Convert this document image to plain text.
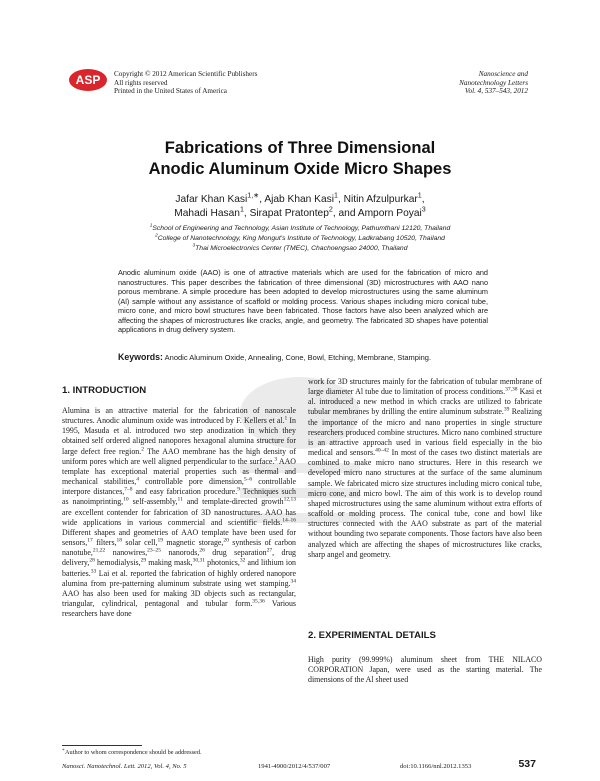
ASP Copyright © 2012 American Scientific Publishers
All rights reserved
Printed in the United States of America
Nanoscience and
Nanotechnology Letters
Vol. 4, 537–543, 2012
Fabrications of Three Dimensional
Anodic Aluminum Oxide Micro Shapes
Jafar Khan Kasi$^{1,∗}$, Ajab Khan Kasi$^1$, Nitin Afzulpurkar$^1$,
Mahadi Hasan$^1$, Sirapat Pratontep$^2$, and Amporn Poyai$^3$
$^1$School of Engineering and Technology, Asian Institute of Technology, Pathumthani 12120, Thailand
$^2$College of Nanotechnology, King Mongut's Institute of Technology, Ladkrabang 10520, Thailand
$^3$Thai Microelectronics Center (TMEC), Chachoengsao 24000, Thailand
Anodic aluminum oxide (AAO) is one of attractive materials which are used for the fabrication of micro and nanostructures. This paper describes the fabrication of three dimensional (3D) microstructures with AAO nano porous membrane. A simple procedure has been adopted to develop microstructures using the same aluminum (Al) sample without any assistance of scaffold or molding process. Various shapes including micro conical tube, micro cone, and micro bowl structures have been fabricated. Those factors have also been analyzed which are affecting the shapes of microstructures like cracks, angle, and geometry. The fabricated 3D shapes have potential applications in drug delivery system.
Keywords: Anodic Aluminum Oxide, Annealing, Cone, Bowl, Etching, Membrane, Stamping.
1. INTRODUCTION

Alumina is an attractive material for the fabrication of nanoscale structures. Anodic aluminum oxide was introduced by F. Kellers et al.$^1$ In 1995, Masuda et al. introduced two step anodization in which they obtained self ordered aligned nanopores hexagonal alumina structure for large defect free region.$^2$ The AAO membrane has the high density of uniform pores which are well aligned perpendicular to the surface.$^3$ AAO template has exceptional material properties such as thermal and mechanical stabilities,$^4$ controllable pore dimension,$^{5-6}$ controllable interpore distances,$^{7-8}$ and easy fabrication procedure.$^9$ Techniques such as nanoimprinting,$^{10}$ self-assembly,$^{11}$ and template-directed growth$^{12,13}$ are excellent contender for fabrication of 3D nanostructures. AAO has wide applications in various commercial and scientific fields.$^{14-16}$ Different shapes and geometries of AAO template have been used for sensors,$^{17}$ filters,$^{18}$ solar cell,$^{19}$ magnetic storage,$^{20}$ synthesis of carbon nanotube,$^{21,22}$ nanowires,$^{23-25}$ nanorods,$^{26}$ drug separation$^{27}$, drug delivery,$^{28}$ hemodialysis,$^{29}$ making mask,$^{30,31}$ photonics,$^{32}$ and lithium ion batteries.$^{33}$ Lai et al. reported the fabrication of highly ordered nanopore alumina from pre-patterning aluminum substrate using wet stamping.$^{34}$ AAO has also been used for making 3D objects such as rectangular, triangular, cylindrical, pentagonal and tubular form.$^{35,36}$ Various researchers have done

work for 3D structures mainly for the fabrication of tubular membrane of large diameter Al tube due to limitation of process conditions.$^{37,38}$ Kasi et al. introduced a new method in which cracks are utilized to fabricate tubular membranes by drilling the entire aluminum substrate.$^{39}$ Realizing the importance of the micro and nano properties in single structure researchers produced combine structures. Micro nano combined structure is an attractive approach used in various field especially in the bio medical and sensors.$^{40-42}$ In most of the cases two distinct materials are combined to make micro nano structures. Here in this research we developed micro nano structures at the surface of the same aluminum sample. We fabricated micro size structures including micro conical tube, micro cone, and micro bowl. The aim of this work is to develop round shaped microstructures using the same aluminum without extra efforts of scaffold or molding process. The conical tube, cone and bowl like structures connected with the AAO substrate as part of the material without bounding two separate components. Those factors have also been analyzed which are affecting the shapes of microstructures like cracks, sharp angel and geometry.

2. EXPERIMENTAL DETAILS
High purity (99.999%) aluminum sheet from THE NILACO CORPORATION Japan, were used as the starting material. The dimensions of the Al sheet used
∗Author to whom correspondence should be addressed.
Nanosci. Nanotechnol. Lett. 2012, Vol. 4, No. 5	1941-4900/2012/4/537/007	doi:10.1166/nnl.2012.1353	537
